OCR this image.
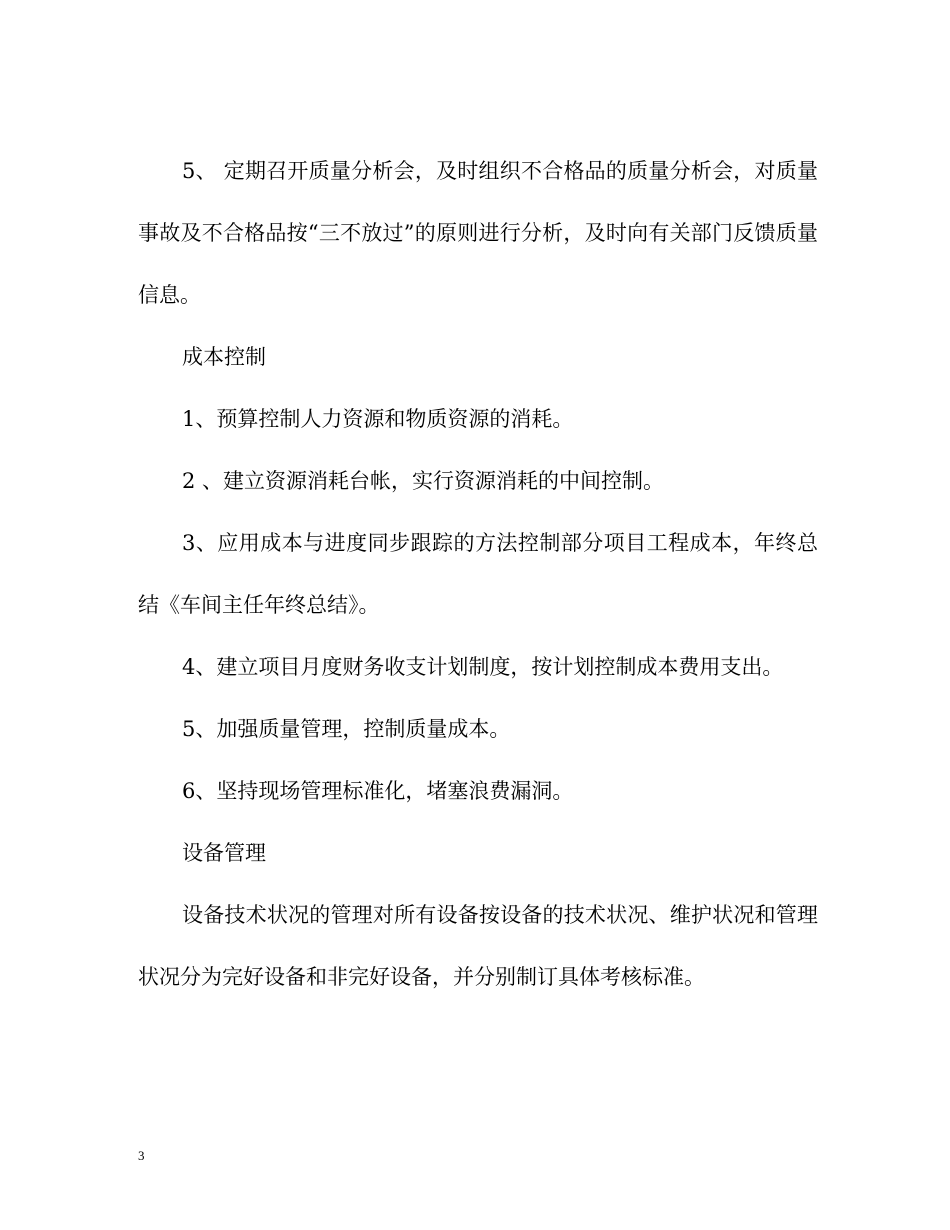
5、 定期召开质量分析会，及时组织不合格品的质量分析会，对质量事故及不合格品按“三不放过”的原则进行分析，及时向有关部门反馈质量信息。

成本控制

1、预算控制人力资源和物质资源的消耗。

2 、建立资源消耗台帐，实行资源消耗的中间控制。

3、应用成本与进度同步跟踪的方法控制部分项目工程成本，年终总结《车间主任年终总结》。

4、建立项目月度财务收支计划制度，按计划控制成本费用支出。

5、加强质量管理，控制质量成本。

6、坚持现场管理标准化，堵塞浪费漏洞。

设备管理

设备技术状况的管理对所有设备按设备的技术状况、维护状况和管理状况分为完好设备和非完好设备，并分别制订具体考核标准。

3
